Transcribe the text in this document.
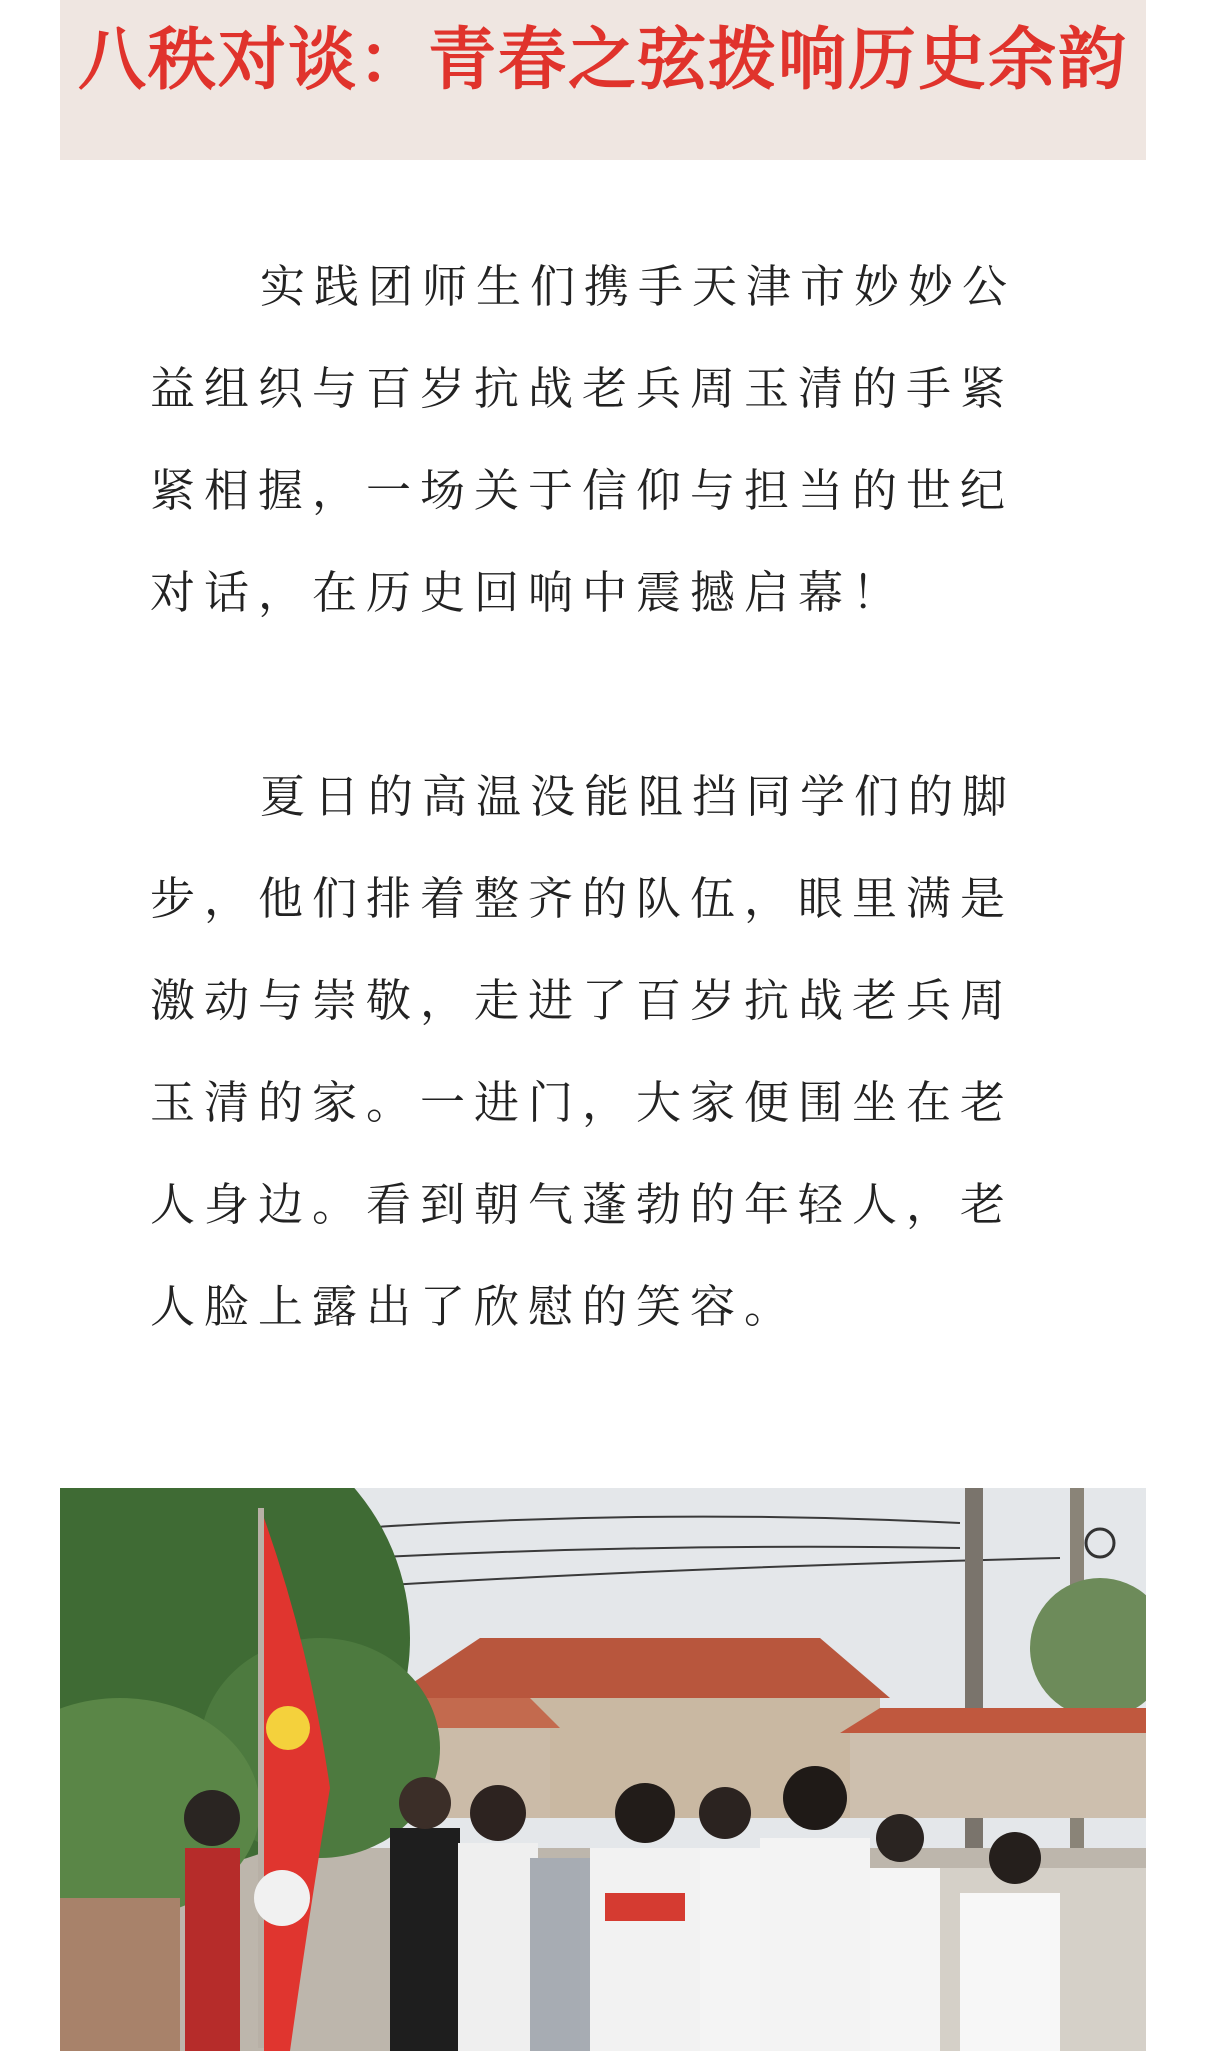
八秩对谈：青春之弦拨响历史余韵

实践团师生们携手天津市妙妙公益组织与百岁抗战老兵周玉清的手紧紧相握，一场关于信仰与担当的世纪对话，在历史回响中震撼启幕！

夏日的高温没能阻挡同学们的脚步，他们排着整齐的队伍，眼里满是激动与崇敬，走进了百岁抗战老兵周玉清的家。一进门，大家便围坐在老人身边。看到朝气蓬勃的年轻人，老人脸上露出了欣慰的笑容。
